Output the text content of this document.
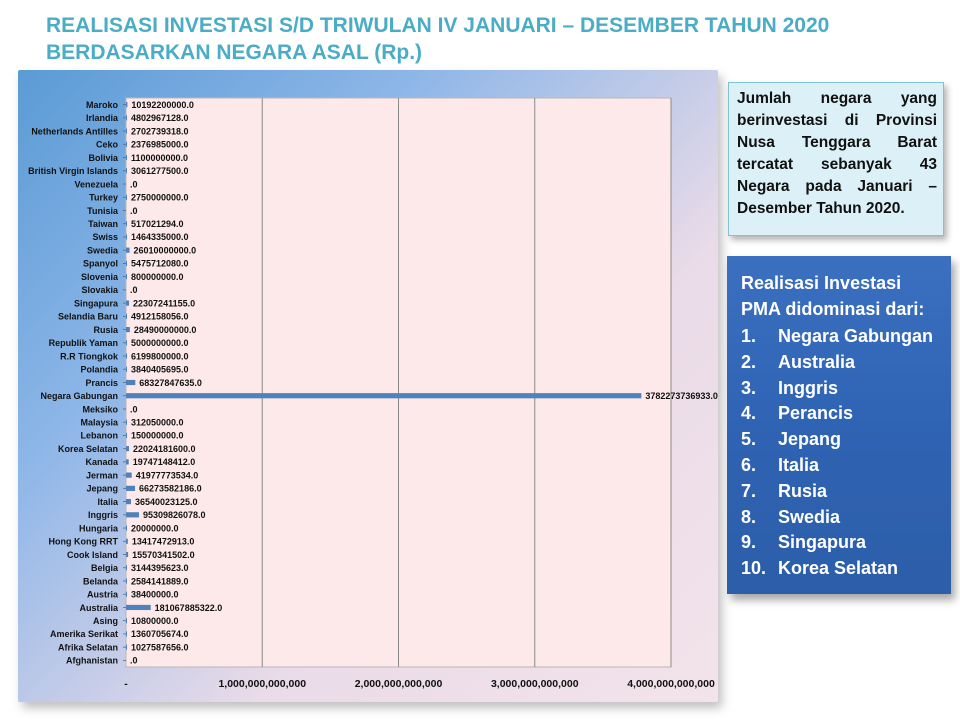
REALISASI INVESTASI S/D TRIWULAN IV JANUARI – DESEMBER TAHUN 2020
BERDASARKAN NEGARA ASAL (Rp.)
-	1,000,000,000,000	2,000,000,000,000	3,000,000,000,000	4,000,000,000,000
Maroko 10192200000.0
Irlandia 4802967128.0
Netherlands Antilles 2702739318.0
Ceko 2376985000.0
Bolivia 1100000000.0
British Virgin Islands 3061277500.0
Venezuela .0
Turkey 2750000000.0
Tunisia .0
Taiwan 517021294.0
Swiss 1464335000.0
Swedia 26010000000.0
Spanyol 5475712080.0
Slovenia 800000000.0
Slovakia .0
Singapura 22307241155.0
Selandia Baru 4912158056.0
Rusia 28490000000.0
Republik Yaman 5000000000.0
R.R Tiongkok 6199800000.0
Polandia 3840405695.0
Prancis 68327847635.0
Negara Gabungan	3782273736933.0
Meksiko .0
Malaysia 312050000.0
Lebanon 150000000.0
Korea Selatan 22024181600.0
Kanada 19747148412.0
Jerman 41977773534.0
Jepang 66273582186.0
Italia 36540023125.0
Inggris	95309826078.0
Hungaria 20000000.0
Hong Kong RRT 13417472913.0
Cook Island 15570341502.0
Belgia 3144395623.0
Belanda 2584141889.0
Austria 38400000.0
Australia	181067885322.0
Asing 10800000.0
Amerika Serikat 1360705674.0
Afrika Selatan 1027587656.0
Afghanistan .0
Jumlah negara yang berinvestasi di Provinsi Nusa Tenggara Barat tercatat sebanyak 43 Negara pada Januari – Desember Tahun 2020.
Realisasi Investasi PMA didominasi dari:
1. Negara Gabungan
2. Australia
3. Inggris
4. Perancis
5. Jepang
6. Italia
7. Rusia
8. Swedia
9. Singapura
10. Korea Selatan
